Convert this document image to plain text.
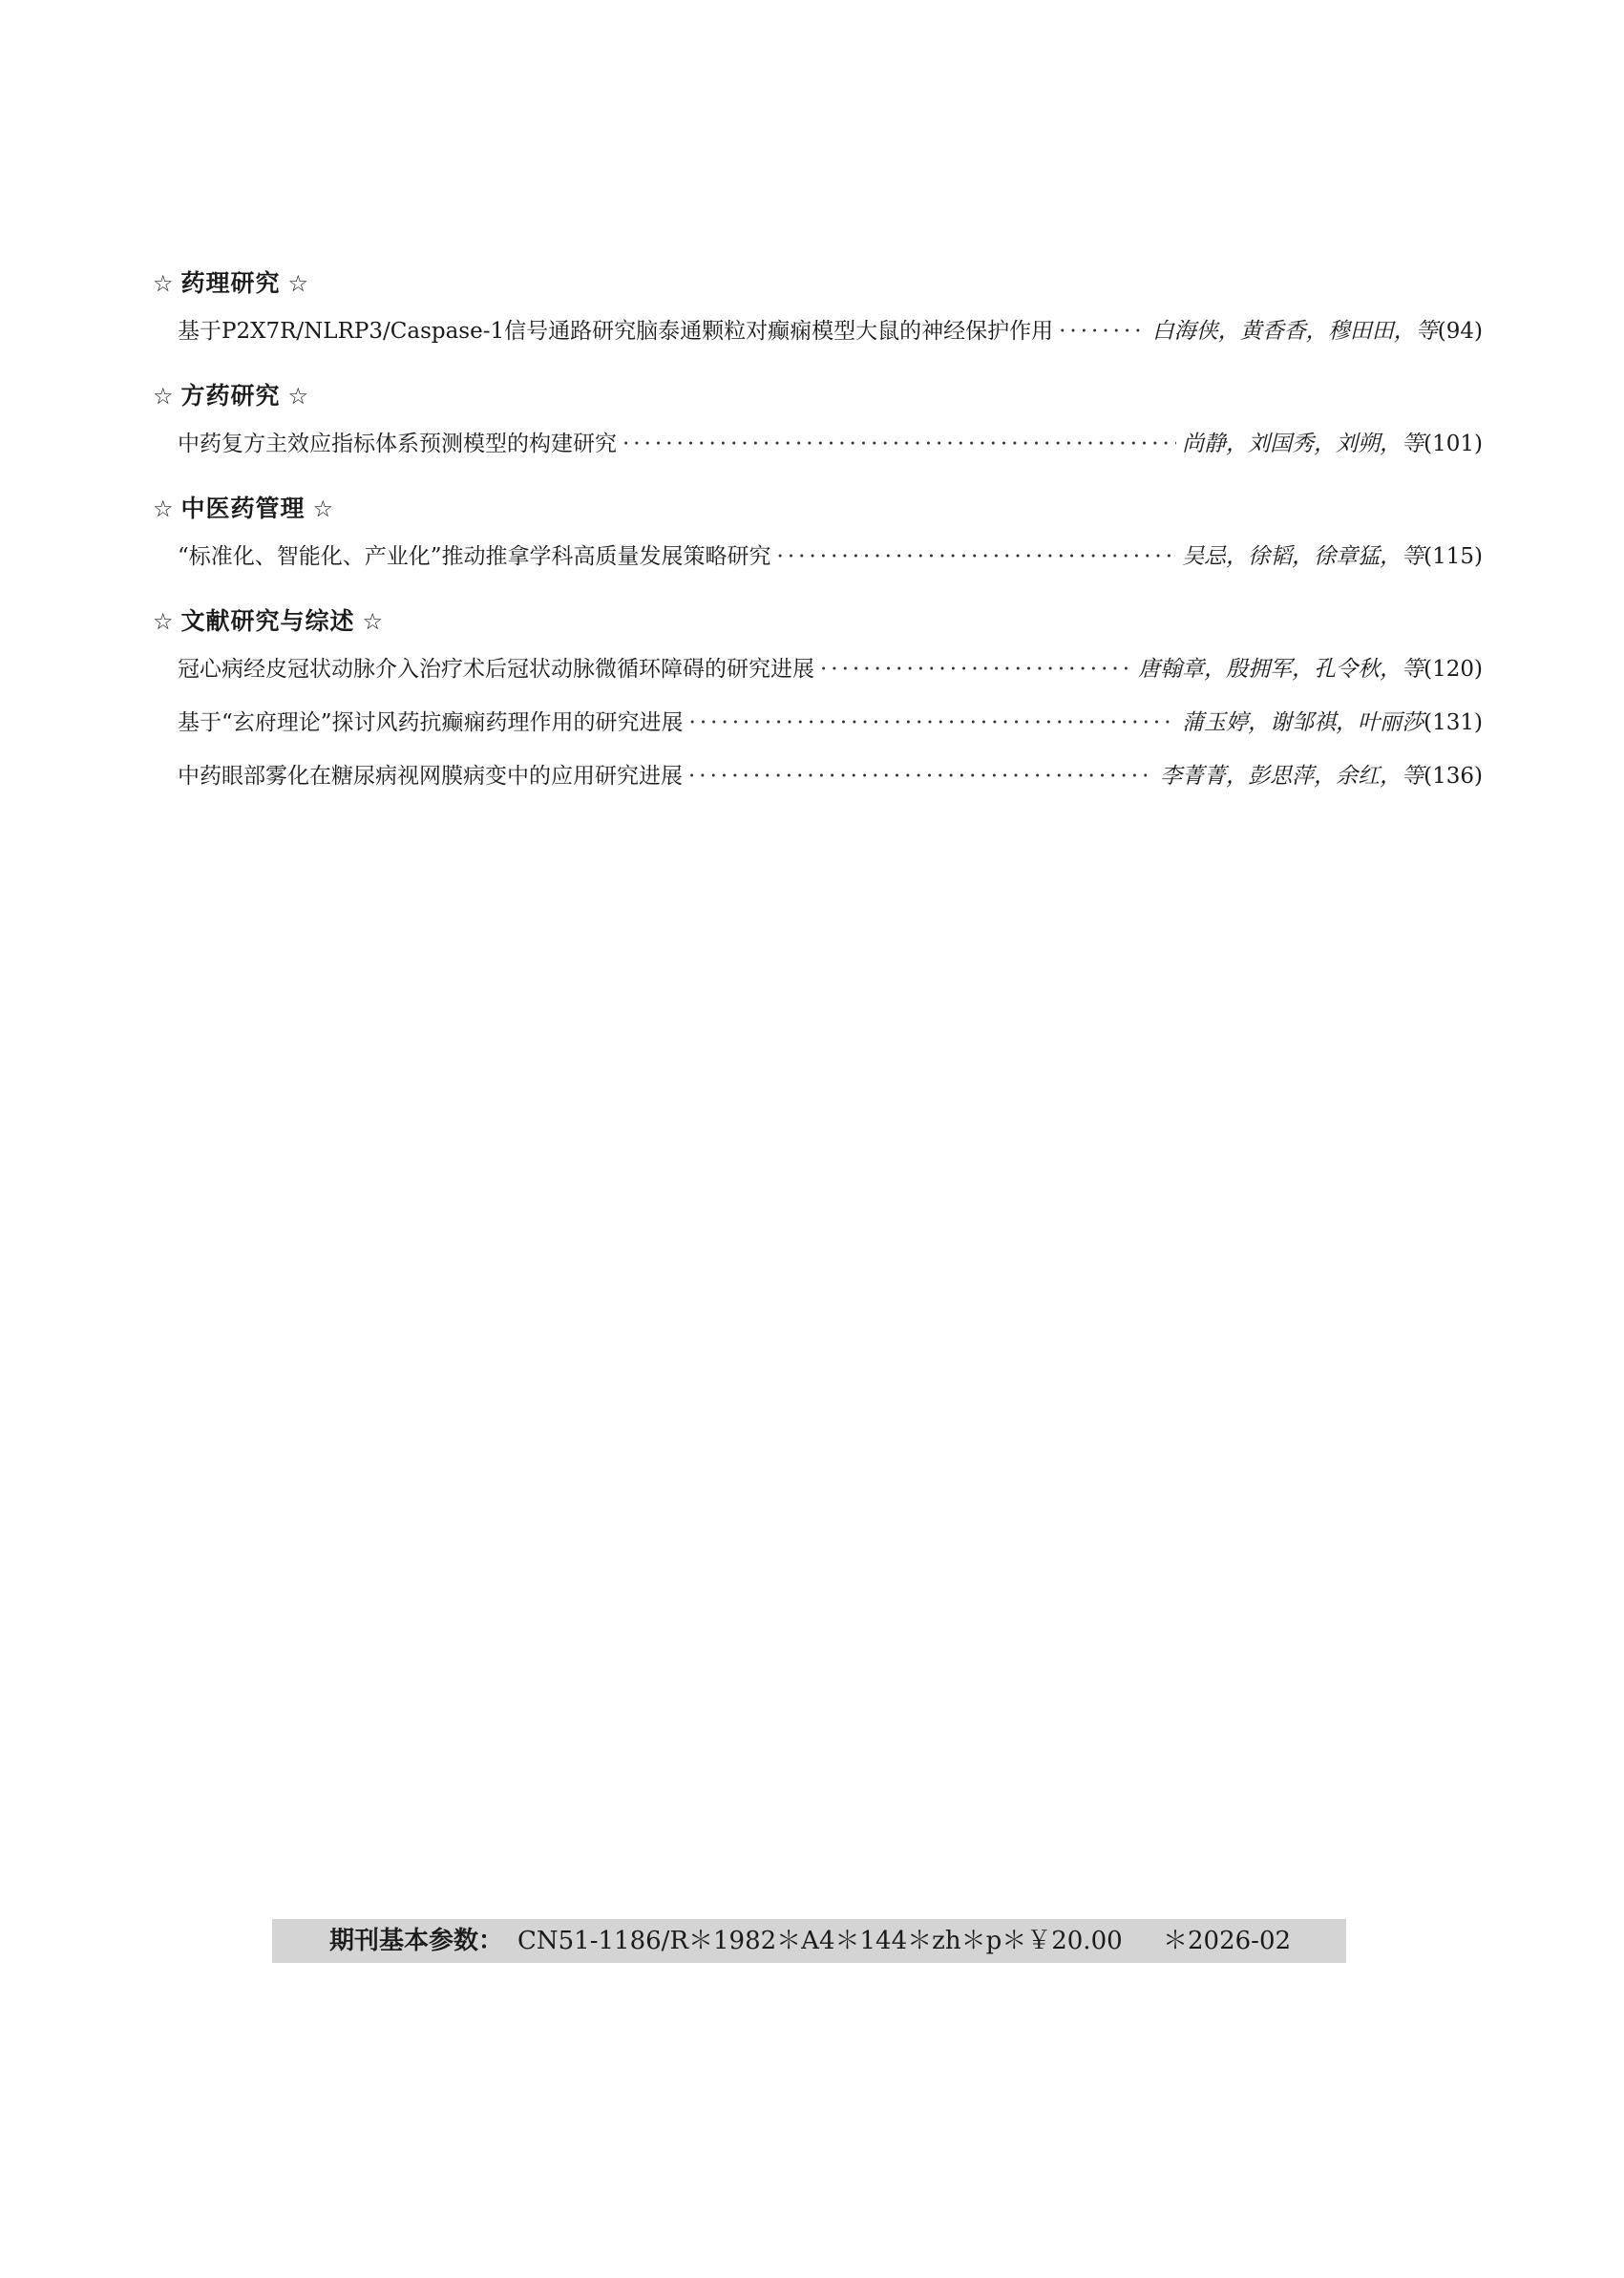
☆ 药理研究 ☆
基于P2X7R/NLRP3/Caspase-1信号通路研究脑泰通颗粒对癫痫模型大鼠的神经保护作用 ·····	白海侠，黄香香，穆田田，等 (94)
☆ 方药研究 ☆
中药复方主效应指标体系预测模型的构建研究 ·····	尚静，刘国秀，刘朔，等 (101)
☆ 中医药管理 ☆
“标准化、智能化、产业化”推动推拿学科高质量发展策略研究 ·····	吴忌，徐韬，徐章猛，等 (115)
☆ 文献研究与综述 ☆
冠心病经皮冠状动脉介入治疗术后冠状动脉微循环障碍的研究进展 ·····	唐翰章，殷拥军，孔令秋，等 (120)
基于“玄府理论”探讨风药抗癫痫药理作用的研究进展 ·····	蒲玉婷，谢邹祺，叶丽莎 (131)
中药眼部雾化在糖尿病视网膜病变中的应用研究进展 ·····	李菁菁，彭思萍，余红，等 (136)
期刊基本参数： CN51-1186/R＊1982＊A4＊144＊zh＊p＊￥20.00 ＊2026-02
